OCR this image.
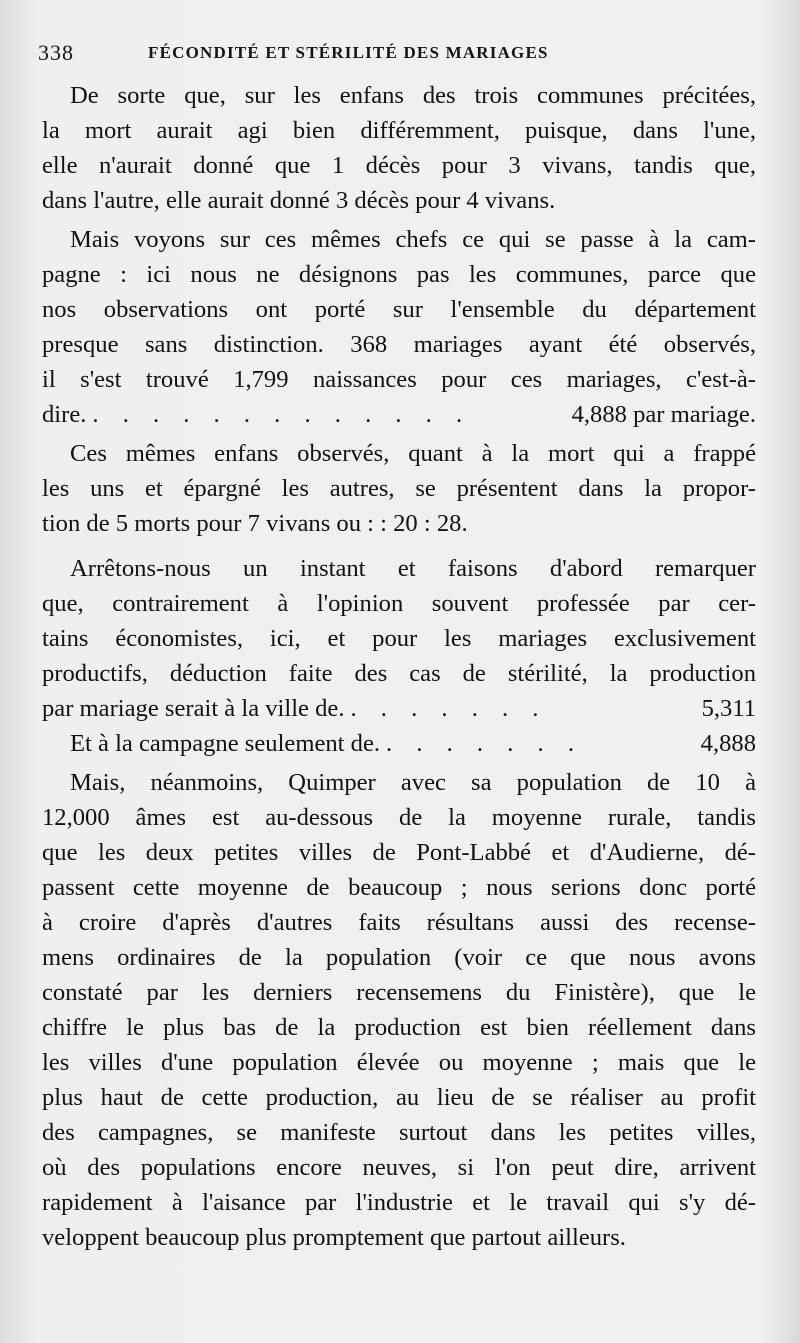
338	FÉCONDITÉ ET STÉRILITÉ DES MARIAGES

De sorte que, sur les enfans des trois communes précitées,
la mort aurait agi bien différemment, puisque, dans l'une,
elle n'aurait donné que 1 décès pour 3 vivans, tandis que,
dans l'autre, elle aurait donné 3 décès pour 4 vivans.

Mais voyons sur ces mêmes chefs ce qui se passe à la cam-
pagne : ici nous ne désignons pas les communes, parce que
nos observations ont porté sur l'ensemble du département
presque sans distinction. 368 mariages ayant été observés,
il s'est trouvé 1,799 naissances pour ces mariages, c'est-à-
dire. . . . . . . . . . . . . .	4,888 par mariage.

Ces mêmes enfans observés, quant à la mort qui a frappé
les uns et épargné les autres, se présentent dans la propor-
tion de 5 morts pour 7 vivans ou : : 20 : 28.

Arrêtons-nous un instant et faisons d'abord remarquer
que, contrairement à l'opinion souvent professée par cer-
tains économistes, ici, et pour les mariages exclusivement
productifs, déduction faite des cas de stérilité, la production
par mariage serait à la ville de. . . . . . . .	5,311
Et à la campagne seulement de. . . . . . . .	4,888

Mais, néanmoins, Quimper avec sa population de 10 à
12,000 âmes est au-dessous de la moyenne rurale, tandis
que les deux petites villes de Pont-Labbé et d'Audierne, dé-
passent cette moyenne de beaucoup ; nous serions donc porté
à croire d'après d'autres faits résultans aussi des recense-
mens ordinaires de la population (voir ce que nous avons
constaté par les derniers recensemens du Finistère), que le
chiffre le plus bas de la production est bien réellement dans
les villes d'une population élevée ou moyenne ; mais que le
plus haut de cette production, au lieu de se réaliser au profit
des campagnes, se manifeste surtout dans les petites villes,
où des populations encore neuves, si l'on peut dire, arrivent
rapidement à l'aisance par l'industrie et le travail qui s'y dé-
veloppent beaucoup plus promptement que partout ailleurs.
